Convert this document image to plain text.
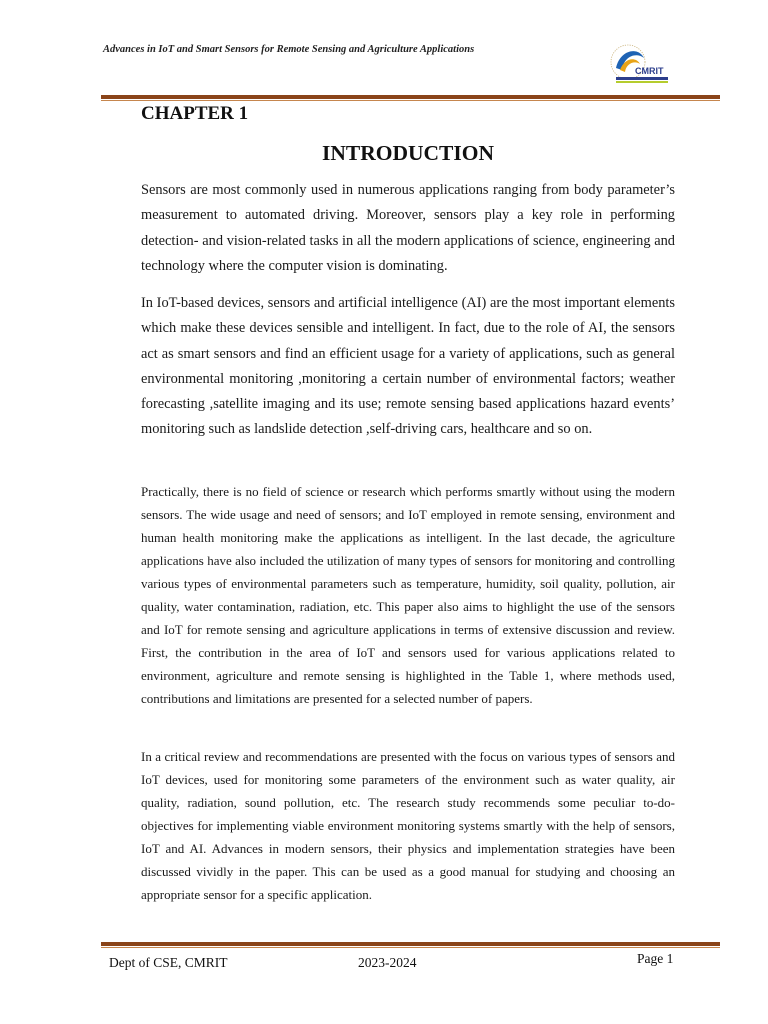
Advances in IoT and Smart Sensors for Remote Sensing and Agriculture Applications
CMRIT
CHAPTER 1
INTRODUCTION

Sensors are most commonly used in numerous applications ranging from body parameter’s measurement to automated driving. Moreover, sensors play a key role in performing detection- and vision-related tasks in all the modern applications of science, engineering and technology where the computer vision is dominating.

In IoT-based devices, sensors and artificial intelligence (AI) are the most important elements which make these devices sensible and intelligent. In fact, due to the role of AI, the sensors act as smart sensors and find an efficient usage for a variety of applications, such as general environmental monitoring ,monitoring a certain number of environmental factors; weather forecasting ,satellite imaging and its use; remote sensing based applications hazard events’ monitoring such as landslide detection ,self-driving cars, healthcare and so on.

Practically, there is no field of science or research which performs smartly without using the modern sensors. The wide usage and need of sensors; and IoT employed in remote sensing, environment and human health monitoring make the applications as intelligent. In the last decade, the agriculture applications have also included the utilization of many types of sensors for monitoring and controlling various types of environmental parameters such as temperature, humidity, soil quality, pollution, air quality, water contamination, radiation, etc. This paper also aims to highlight the use of the sensors and IoT for remote sensing and agriculture applications in terms of extensive discussion and review. First, the contribution in the area of IoT and sensors used for various applications related to environment, agriculture and remote sensing is highlighted in the Table 1, where methods used, contributions and limitations are presented for a selected number of papers.

In a critical review and recommendations are presented with the focus on various types of sensors and IoT devices, used for monitoring some parameters of the environment such as water quality, air quality, radiation, sound pollution, etc. The research study recommends some peculiar to-do-objectives for implementing viable environment monitoring systems smartly with the help of sensors, IoT and AI. Advances in modern sensors, their physics and implementation strategies have been discussed vividly in the paper. This can be used as a good manual for studying and choosing an appropriate sensor for a specific application.

Dept of CSE, CMRIT	2023-2024	Page 1
